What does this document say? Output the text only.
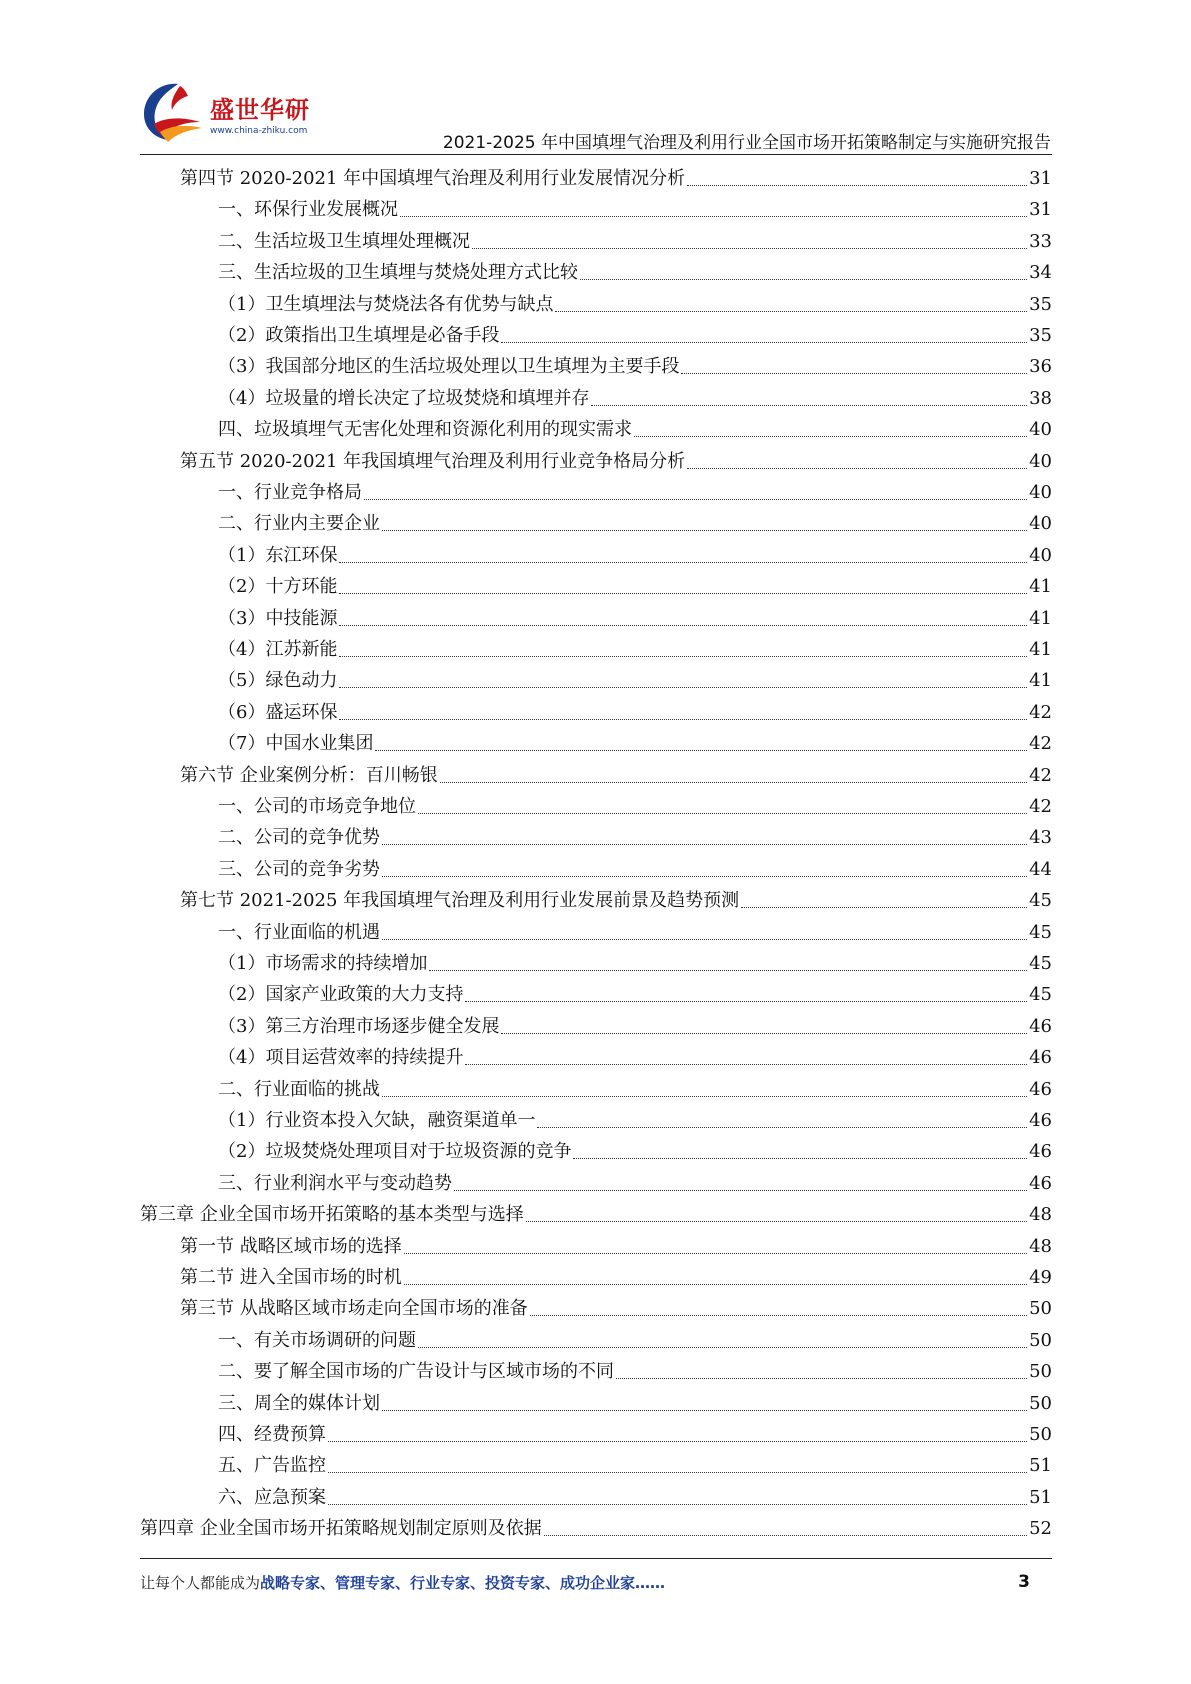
盛世华研
www.china-zhiku.com
2021-2025 年中国填埋气治理及利用行业全国市场开拓策略制定与实施研究报告
第四节 2020-2021 年中国填埋气治理及利用行业发展情况分析	31
一、环保行业发展概况	31
二、生活垃圾卫生填埋处理概况	33
三、生活垃圾的卫生填埋与焚烧处理方式比较	34
（1）卫生填埋法与焚烧法各有优势与缺点	35
（2）政策指出卫生填埋是必备手段	35
（3）我国部分地区的生活垃圾处理以卫生填埋为主要手段	36
（4）垃圾量的增长决定了垃圾焚烧和填埋并存	38
四、垃圾填埋气无害化处理和资源化利用的现实需求	40
第五节 2020-2021 年我国填埋气治理及利用行业竞争格局分析	40
一、行业竞争格局	40
二、行业内主要企业	40
（1）东江环保	40
（2）十方环能	41
（3）中技能源	41
（4）江苏新能	41
（5）绿色动力	41
（6）盛运环保	42
（7）中国水业集团	42
第六节 企业案例分析：百川畅银	42
一、公司的市场竞争地位	42
二、公司的竞争优势	43
三、公司的竞争劣势	44
第七节 2021-2025 年我国填埋气治理及利用行业发展前景及趋势预测	45
一、行业面临的机遇	45
（1）市场需求的持续增加	45
（2）国家产业政策的大力支持	45
（3）第三方治理市场逐步健全发展	46
（4）项目运营效率的持续提升	46
二、行业面临的挑战	46
（1）行业资本投入欠缺，融资渠道单一	46
（2）垃圾焚烧处理项目对于垃圾资源的竞争	46
三、行业利润水平与变动趋势	46
第三章 企业全国市场开拓策略的基本类型与选择	48
第一节 战略区域市场的选择	48
第二节 进入全国市场的时机	49
第三节 从战略区域市场走向全国市场的准备	50
一、有关市场调研的问题	50
二、要了解全国市场的广告设计与区域市场的不同	50
三、周全的媒体计划	50
四、经费预算	50
五、广告监控	51
六、应急预案	51
第四章 企业全国市场开拓策略规划制定原则及依据	52
让每个人都能成为战略专家、管理专家、行业专家、投资专家、成功企业家……	3
